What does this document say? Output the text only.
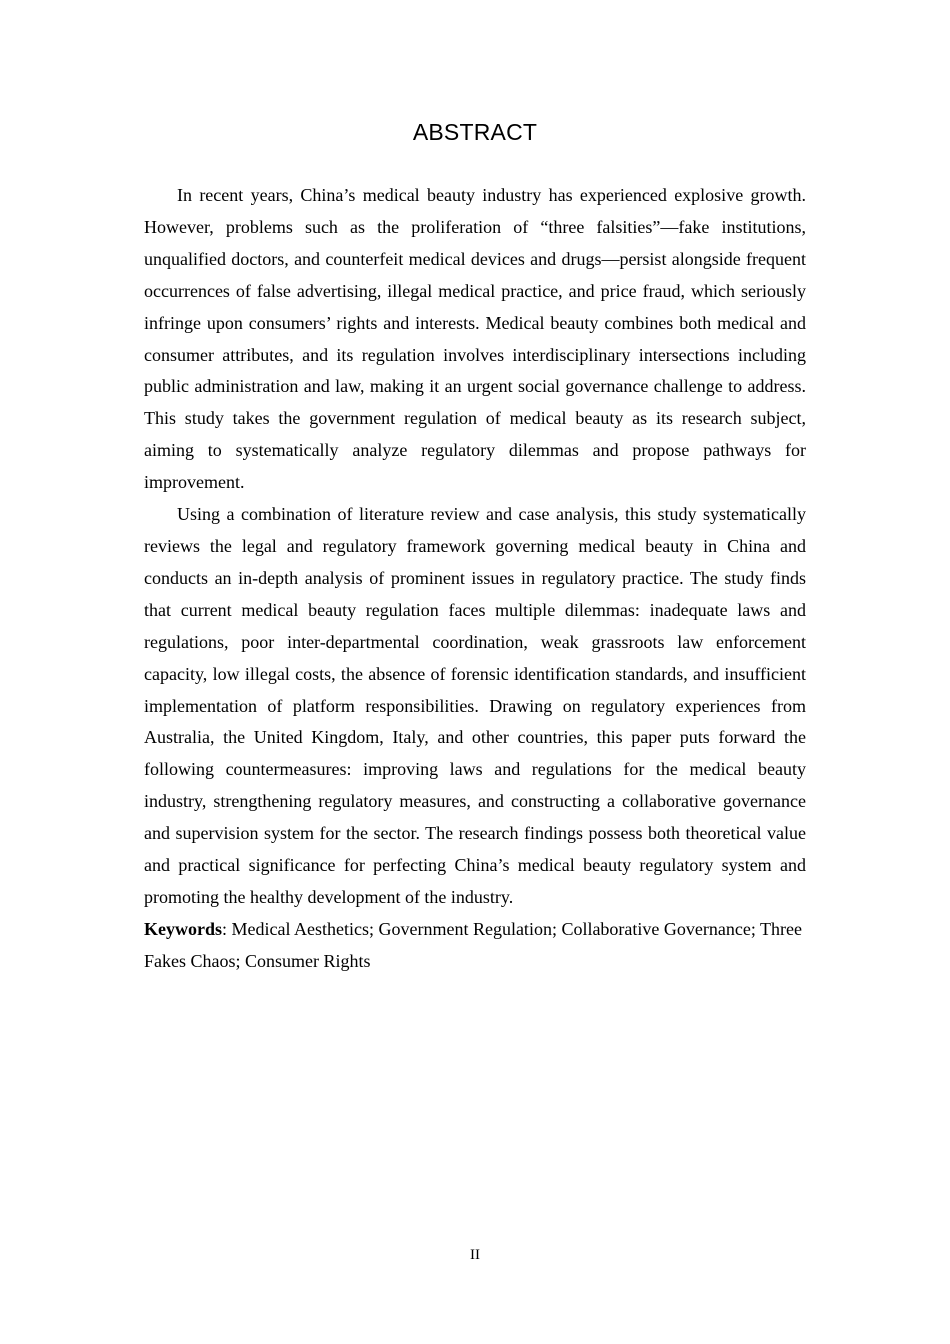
ABSTRACT

In recent years, China’s medical beauty industry has experienced explosive growth. However, problems such as the proliferation of “three falsities”—fake institutions, unqualified doctors, and counterfeit medical devices and drugs—persist alongside frequent occurrences of false advertising, illegal medical practice, and price fraud, which seriously infringe upon consumers’ rights and interests. Medical beauty combines both medical and consumer attributes, and its regulation involves interdisciplinary intersections including public administration and law, making it an urgent social governance challenge to address. This study takes the government regulation of medical beauty as its research subject, aiming to systematically analyze regulatory dilemmas and propose pathways for improvement.

Using a combination of literature review and case analysis, this study systematically reviews the legal and regulatory framework governing medical beauty in China and conducts an in-depth analysis of prominent issues in regulatory practice. The study finds that current medical beauty regulation faces multiple dilemmas: inadequate laws and regulations, poor inter-departmental coordination, weak grassroots law enforcement capacity, low illegal costs, the absence of forensic identification standards, and insufficient implementation of platform responsibilities. Drawing on regulatory experiences from Australia, the United Kingdom, Italy, and other countries, this paper puts forward the following countermeasures: improving laws and regulations for the medical beauty industry, strengthening regulatory measures, and constructing a collaborative governance and supervision system for the sector. The research findings possess both theoretical value and practical significance for perfecting China’s medical beauty regulatory system and promoting the healthy development of the industry.

Keywords: Medical Aesthetics; Government Regulation; Collaborative Governance; Three Fakes Chaos; Consumer Rights

II
